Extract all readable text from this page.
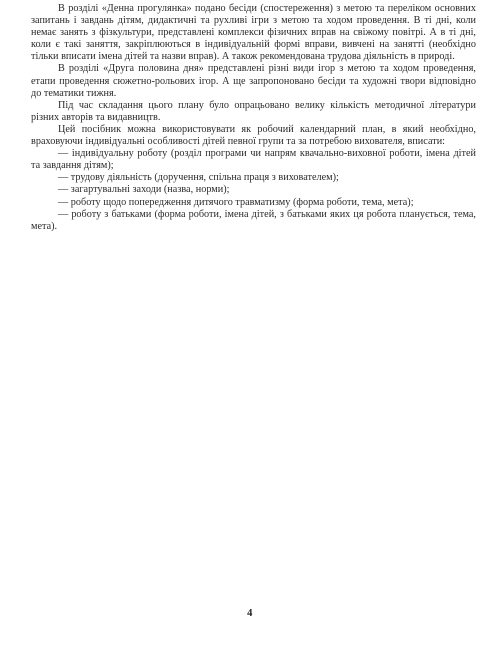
В розділі «Денна прогулянка» подано бесіди (спостереження) з метою та переліком основних запитань і завдань дітям, дидактичні та рухливі ігри з метою та ходом проведення. В ті дні, коли немає занять з фізкультури, представлені комплекси фізичних вправ на свіжому повітрі. А в ті дні, коли є такі заняття, закріплюються в індивідуальній формі вправи, вивчені на занятті (необхідно тільки вписати імена дітей та назви вправ). А також рекомендована трудова діяльність в природі.

В розділі «Друга половина дня» представлені різні види ігор з метою та ходом проведення, етапи проведення сюжетно-рольових ігор. А ще запропоновано бесіди та художні твори відповідно до тематики тижня.

Під час складання цього плану було опрацьовано велику кількість методичної літератури різних авторів та видавництв.

Цей посібник можна використовувати як робочий календарний план, в який необхідно, враховуючи індивідуальні особливості дітей певної групи та за потребою вихователя, вписати:

— індивідуальну роботу (розділ програми чи напрям квачально-виховної роботи, імена дітей та завдання дітям);

— трудову діяльність (доручення, спільна праця з вихователем);

— загартувальні заходи (назва, норми);

— роботу щодо попередження дитячого травматизму (форма роботи, тема, мета);

— роботу з батьками (форма роботи, імена дітей, з батьками яких ця робота планується, тема, мета).

4
